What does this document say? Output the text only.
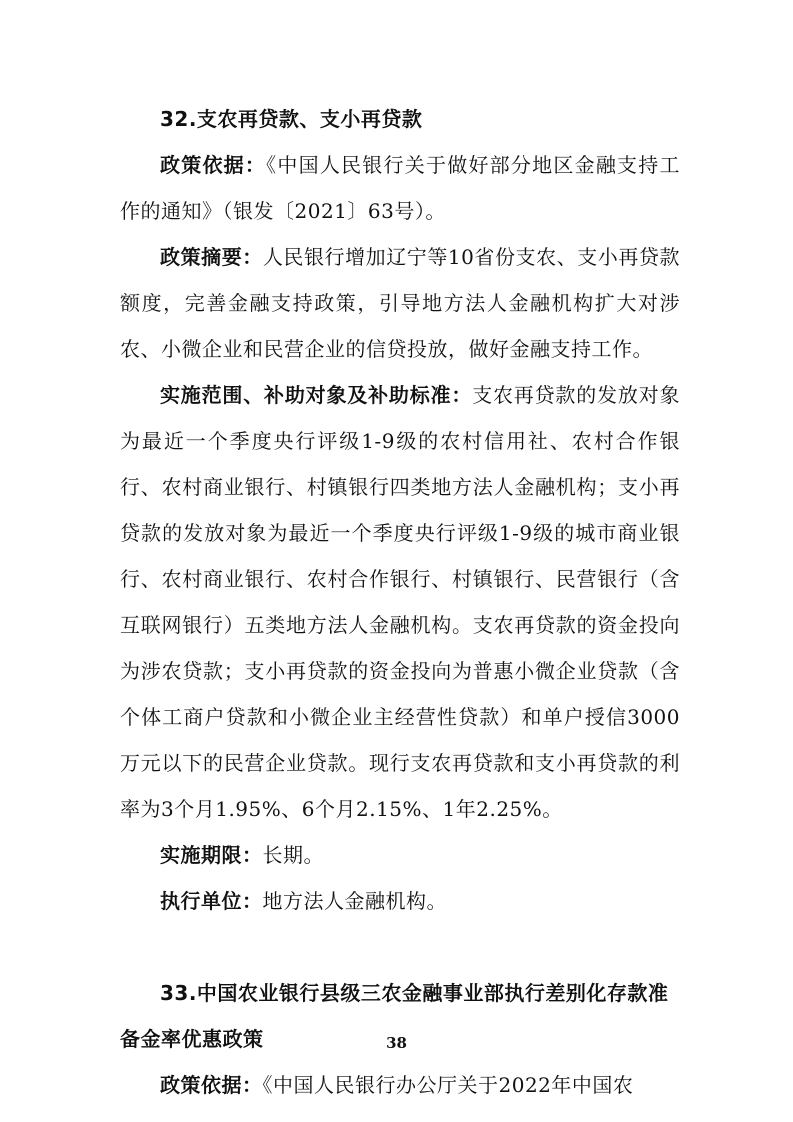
32.支农再贷款、支小再贷款

政策依据：《中国人民银行关于做好部分地区金融支持工作的通知》（银发〔2021〕63号）。

政策摘要：人民银行增加辽宁等10省份支农、支小再贷款额度，完善金融支持政策，引导地方法人金融机构扩大对涉农、小微企业和民营企业的信贷投放，做好金融支持工作。

实施范围、补助对象及补助标准：支农再贷款的发放对象为最近一个季度央行评级1-9级的农村信用社、农村合作银行、农村商业银行、村镇银行四类地方法人金融机构；支小再贷款的发放对象为最近一个季度央行评级1-9级的城市商业银行、农村商业银行、农村合作银行、村镇银行、民营银行（含互联网银行）五类地方法人金融机构。支农再贷款的资金投向为涉农贷款；支小再贷款的资金投向为普惠小微企业贷款（含个体工商户贷款和小微企业主经营性贷款）和单户授信3000万元以下的民营企业贷款。现行支农再贷款和支小再贷款的利率为3个月1.95%、6个月2.15%、1年2.25%。

实施期限：长期。

执行单位：地方法人金融机构。

33.中国农业银行县级三农金融事业部执行差别化存款准备金率优惠政策

政策依据：《中国人民银行办公厅关于2022年中国农

38
